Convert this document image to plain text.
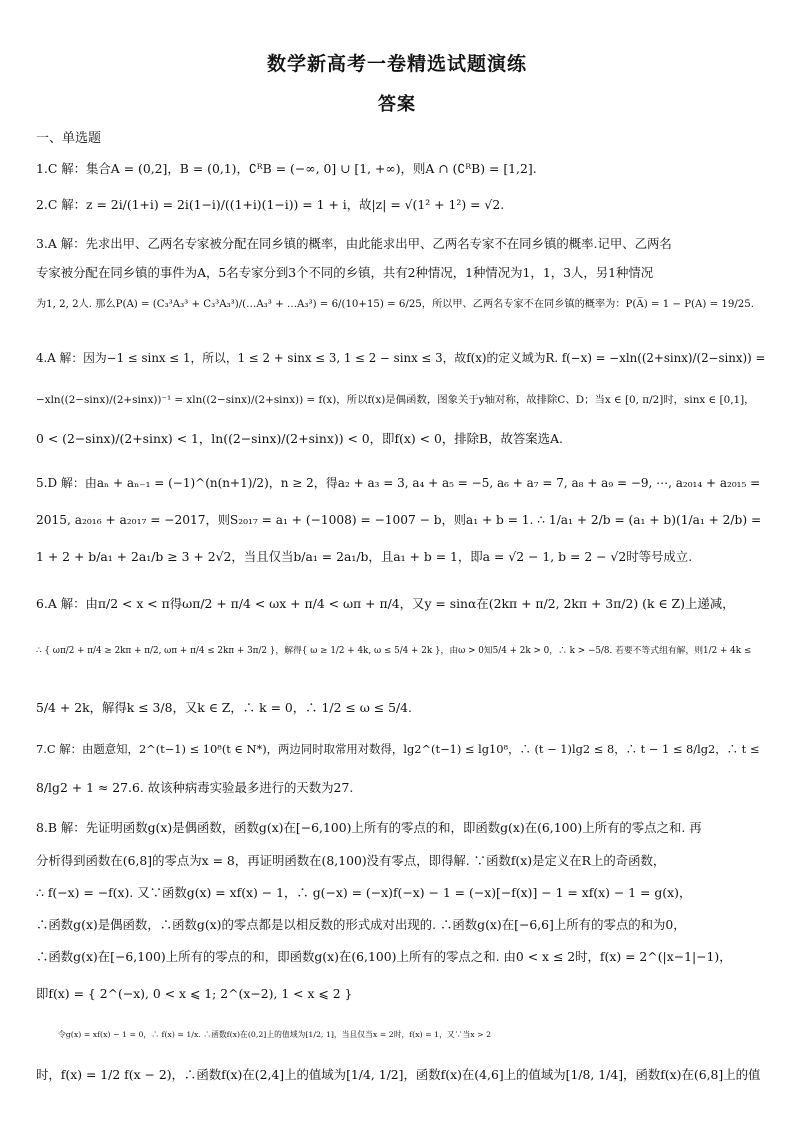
数学新高考一卷精选试题演练
答案
一、单选题
1.C 解：集合A = (0,2]，B = (0,1)，∁ᴿB = (−∞, 0] ∪ [1, +∞)，则A ∩ (∁ᴿB) = [1,2].
2.C 解：z = 2i/(1+i) = 2i(1−i)/((1+i)(1−i)) = 1 + i，故|z| = √(1² + 1²) = √2.
3.A 解：先求出甲、乙两名专家被分配在同乡镇的概率，由此能求出甲、乙两名专家不在同乡镇的概率.记甲、乙两名
专家被分配在同乡镇的事件为A，5名专家分到3个不同的乡镇，共有2种情况，1种情况为1，1，3人，另1种情况
为1, 2, 2人. 那么P(A) = (C₃³A₃³ + C₃³A₃³)/(…A₃³ + …A₃³) = 6/(10+15) = 6/25，所以甲、乙两名专家不在同乡镇的概率为：P(A̅) = 1 − P(A) = 19/25.
4.A 解：因为−1 ≤ sinx ≤ 1，所以，1 ≤ 2 + sinx ≤ 3, 1 ≤ 2 − sinx ≤ 3，故f(x)的定义域为R. f(−x) = −xln((2+sinx)/(2−sinx)) =
−xln((2−sinx)/(2+sinx))⁻¹ = xln((2−sinx)/(2+sinx)) = f(x)，所以f(x)是偶函数，图象关于y轴对称，故排除C、D；当x ∈ [0, π/2]时，sinx ∈ [0,1]，
0 < (2−sinx)/(2+sinx) < 1，ln((2−sinx)/(2+sinx)) < 0，即f(x) < 0，排除B，故答案选A.
5.D 解：由aₙ + aₙ₋₁ = (−1)^(n(n+1)/2)，n ≥ 2，得a₂ + a₃ = 3, a₄ + a₅ = −5, a₆ + a₇ = 7, a₈ + a₉ = −9, ⋯, a₂₀₁₄ + a₂₀₁₅ =
2015, a₂₀₁₆ + a₂₀₁₇ = −2017，则S₂₀₁₇ = a₁ + (−1008) = −1007 − b，则a₁ + b = 1. ∴ 1/a₁ + 2/b = (a₁ + b)(1/a₁ + 2/b) =
1 + 2 + b/a₁ + 2a₁/b ≥ 3 + 2√2，当且仅当b/a₁ = 2a₁/b，且a₁ + b = 1，即a = √2 − 1, b = 2 − √2时等号成立.
6.A 解：由π/2 < x < π得ωπ/2 + π/4 < ωx + π/4 < ωπ + π/4，又y = sinα在(2kπ + π/2, 2kπ + 3π/2) (k ∈ Z)上递减，
∴ { ωπ/2 + π/4 ≥ 2kπ + π/2, ωπ + π/4 ≤ 2kπ + 3π/2 }，解得{ ω ≥ 1/2 + 4k, ω ≤ 5/4 + 2k }，由ω > 0知5/4 + 2k > 0，∴ k > −5/8. 若要不等式组有解，则1/2 + 4k ≤
5/4 + 2k，解得k ≤ 3/8，又k ∈ Z，∴ k = 0，∴ 1/2 ≤ ω ≤ 5/4.
7.C 解：由题意知，2^(t−1) ≤ 10⁸(t ∈ N*)，两边同时取常用对数得，lg2^(t−1) ≤ lg10⁸，∴ (t − 1)lg2 ≤ 8，∴ t − 1 ≤ 8/lg2，∴ t ≤
8/lg2 + 1 ≈ 27.6. 故该种病毒实验最多进行的天数为27.
8.B 解：先证明函数g(x)是偶函数，函数g(x)在[−6,100)上所有的零点的和，即函数g(x)在(6,100)上所有的零点之和. 再
分析得到函数在(6,8]的零点为x = 8，再证明函数在(8,100)没有零点，即得解. ∵函数f(x)是定义在R上的奇函数，
∴ f(−x) = −f(x). 又∵函数g(x) = xf(x) − 1，∴ g(−x) = (−x)f(−x) − 1 = (−x)[−f(x)] − 1 = xf(x) − 1 = g(x)，
∴函数g(x)是偶函数，∴函数g(x)的零点都是以相反数的形式成对出现的. ∴函数g(x)在[−6,6]上所有的零点的和为0，
∴函数g(x)在[−6,100)上所有的零点的和，即函数g(x)在(6,100)上所有的零点之和. 由0 < x ≤ 2时，f(x) = 2^(|x−1|−1)，
即f(x) = { 2^(−x), 0 < x ⩽ 1; 2^(x−2), 1 < x ⩽ 2 }
令g(x) = xf(x) − 1 = 0，∴ f(x) = 1/x. ∴函数f(x)在(0,2]上的值域为[1/2, 1]，当且仅当x = 2时，f(x) = 1，又∵当x > 2
时，f(x) = 1/2 f(x − 2)，∴函数f(x)在(2,4]上的值域为[1/4, 1/2]，函数f(x)在(4,6]上的值域为[1/8, 1/4]，函数f(x)在(6,8]上的值
